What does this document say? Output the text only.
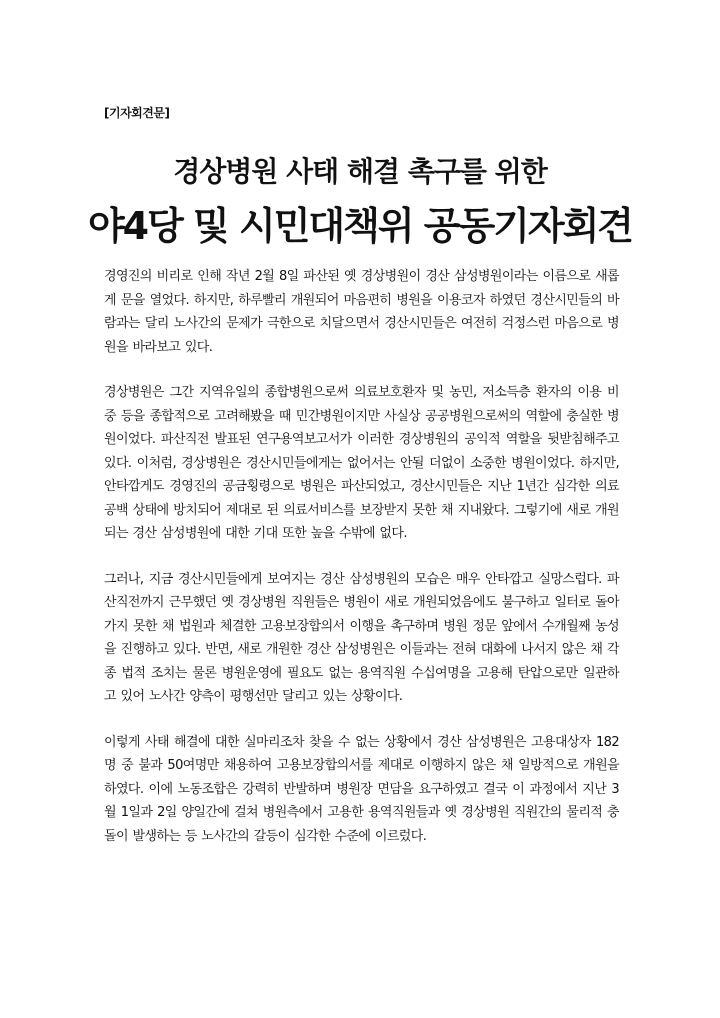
[기자회견문]
경상병원 사태 해결 촉구를 위한
야4당 및 시민대책위 공동기자회견

경영진의 비리로 인해 작년 2월 8일 파산된 옛 경상병원이 경산 삼성병원이라는 이름으로 새롭게 문을 열었다. 하지만, 하루빨리 개원되어 마음편히 병원을 이용코자 하였던 경산시민들의 바람과는 달리 노사간의 문제가 극한으로 치달으면서 경산시민들은 여전히 걱정스런 마음으로 병원을 바라보고 있다.

경상병원은 그간 지역유일의 종합병원으로써 의료보호환자 및 농민, 저소득층 환자의 이용 비중 등을 종합적으로 고려해봤을 때 민간병원이지만 사실상 공공병원으로써의 역할에 충실한 병원이었다. 파산직전 발표된 연구용역보고서가 이러한 경상병원의 공익적 역할을 뒷받침해주고 있다. 이처럼, 경상병원은 경산시민들에게는 없어서는 안될 더없이 소중한 병원이었다. 하지만, 안타깝게도 경영진의 공금횡령으로 병원은 파산되었고, 경산시민들은 지난 1년간 심각한 의료공백 상태에 방치되어 제대로 된 의료서비스를 보장받지 못한 채 지내왔다. 그렇기에 새로 개원되는 경산 삼성병원에 대한 기대 또한 높을 수밖에 없다.

그러나, 지금 경산시민들에게 보여지는 경산 삼성병원의 모습은 매우 안타깝고 실망스럽다. 파산직전까지 근무했던 옛 경상병원 직원들은 병원이 새로 개원되었음에도 불구하고 일터로 돌아가지 못한 채 법원과 체결한 고용보장합의서 이행을 촉구하며 병원 정문 앞에서 수개월째 농성을 진행하고 있다. 반면, 새로 개원한 경산 삼성병원은 이들과는 전혀 대화에 나서지 않은 채 각종 법적 조치는 물론 병원운영에 필요도 없는 용역직원 수십여명을 고용해 탄압으로만 일관하고 있어 노사간 양측이 평행선만 달리고 있는 상황이다.

이렇게 사태 해결에 대한 실마리조차 찾을 수 없는 상황에서 경산 삼성병원은 고용대상자 182명 중 불과 50여명만 채용하여 고용보장합의서를 제대로 이행하지 않은 채 일방적으로 개원을 하였다. 이에 노동조합은 강력히 반발하며 병원장 면담을 요구하였고 결국 이 과정에서 지난 3월 1일과 2일 양일간에 걸쳐 병원측에서 고용한 용역직원들과 옛 경상병원 직원간의 물리적 충돌이 발생하는 등 노사간의 갈등이 심각한 수준에 이르렀다.
